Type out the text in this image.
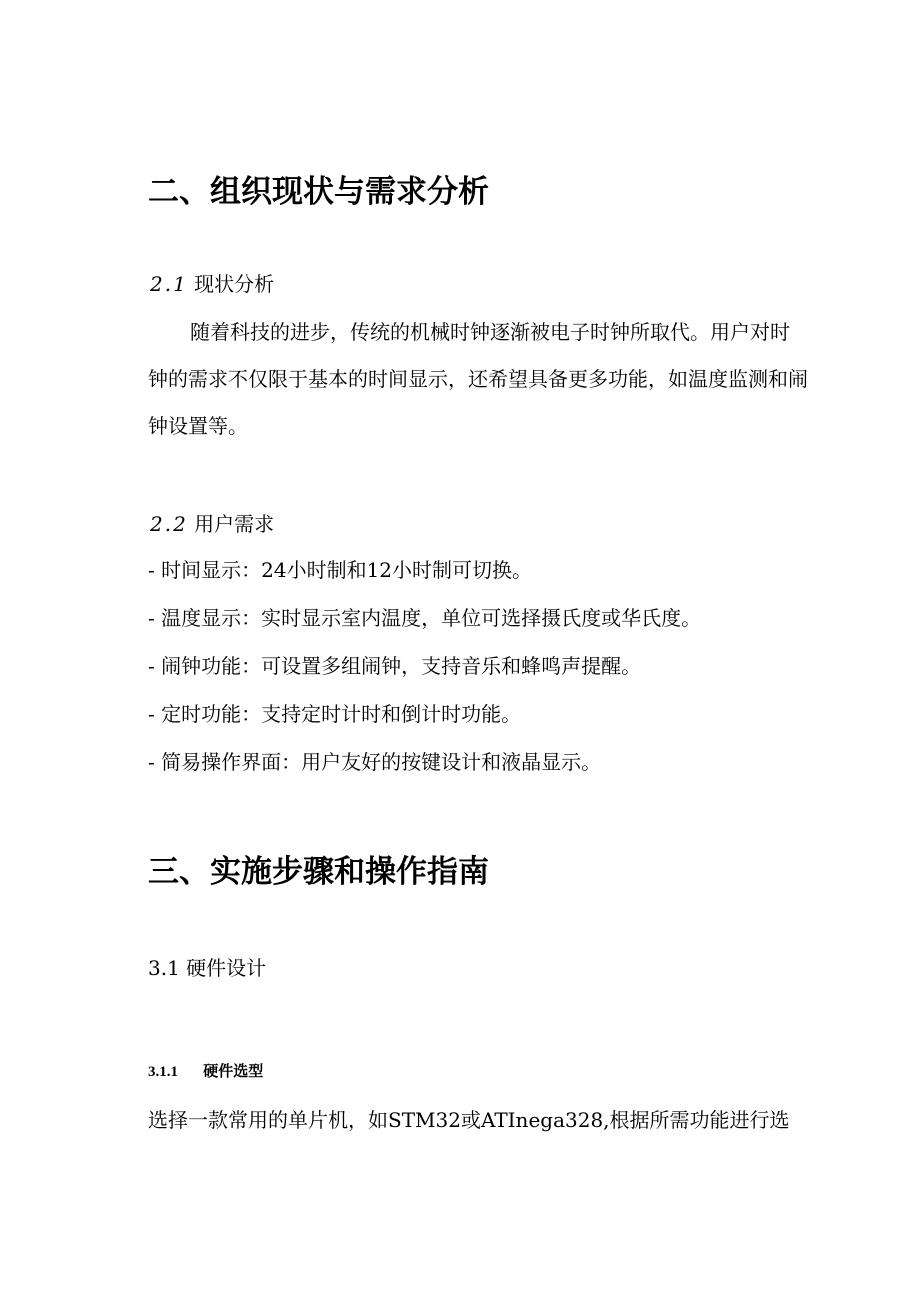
二、组织现状与需求分析
2.1 现状分析
随着科技的进步，传统的机械时钟逐渐被电子时钟所取代。用户对时
钟的需求不仅限于基本的时间显示，还希望具备更多功能，如温度监测和闹
钟设置等。
2.2 用户需求
- 时间显示：24小时制和12小时制可切换。
- 温度显示：实时显示室内温度，单位可选择摄氏度或华氏度。
- 闹钟功能：可设置多组闹钟，支持音乐和蜂鸣声提醒。
- 定时功能：支持定时计时和倒计时功能。
- 简易操作界面：用户友好的按键设计和液晶显示。
三、实施步骤和操作指南
3.1 硬件设计
3.1.1 硬件选型
选择一款常用的单片机，如STM32或ATInega328,根据所需功能进行选
